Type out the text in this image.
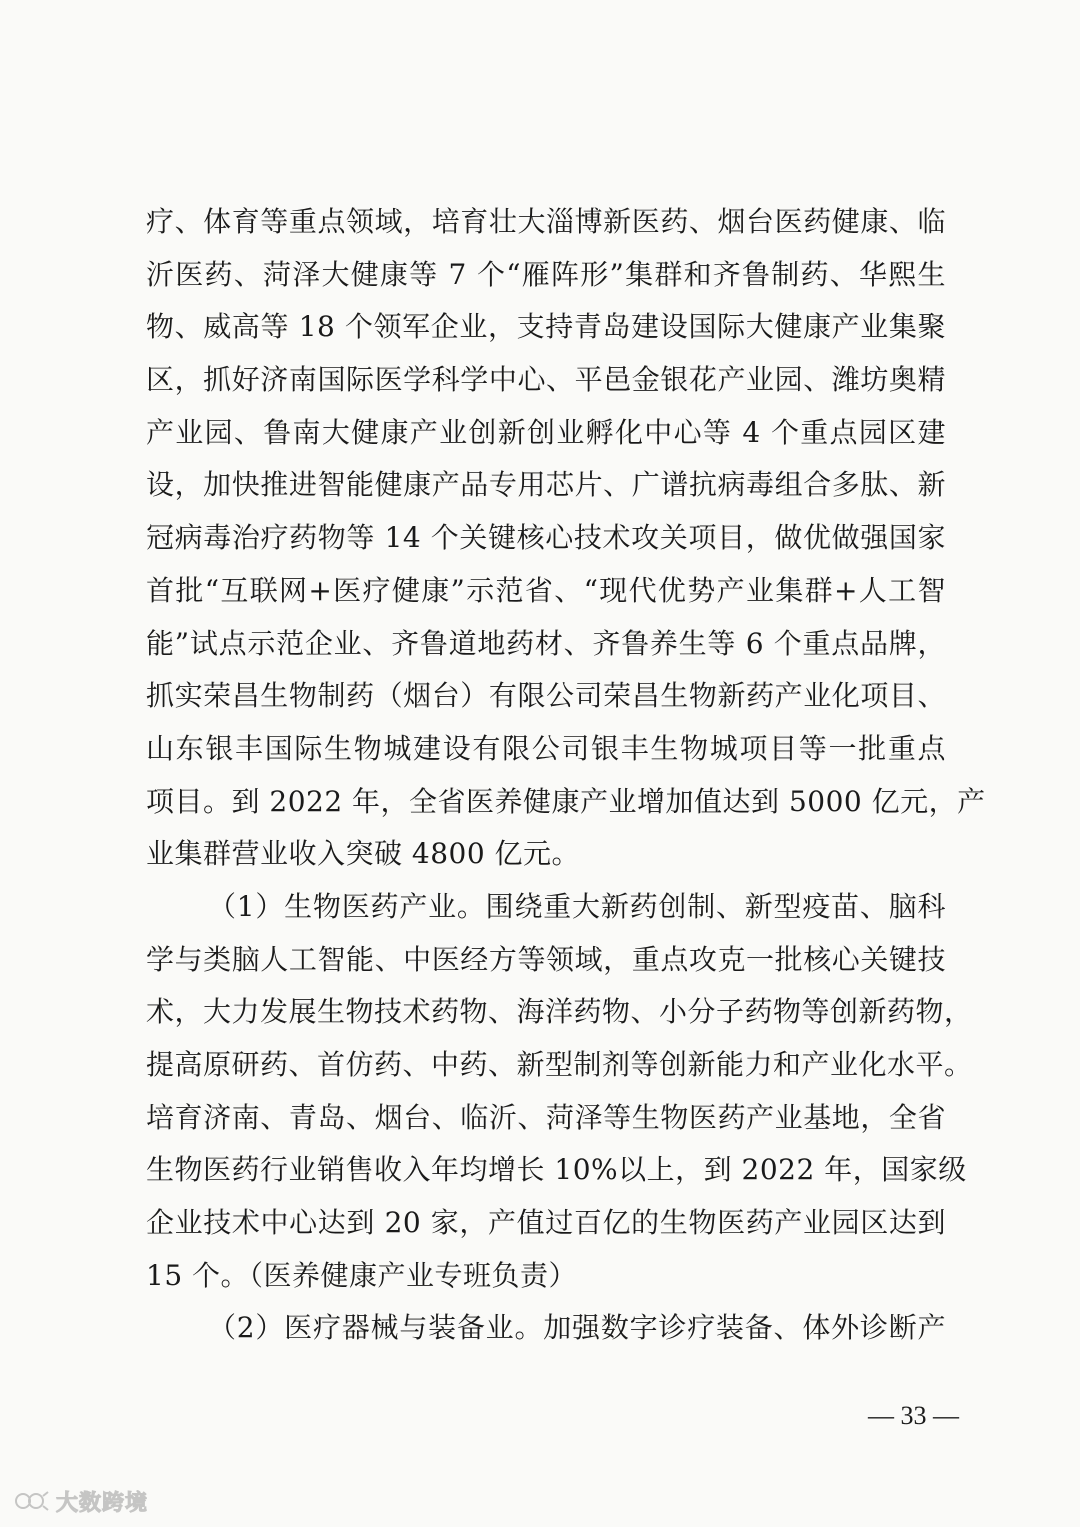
疗、体育等重点领域，培育壮大淄博新医药、烟台医药健康、临
沂医药、菏泽大健康等 7 个“雁阵形”集群和齐鲁制药、华熙生
物、威高等 18 个领军企业，支持青岛建设国际大健康产业集聚
区，抓好济南国际医学科学中心、平邑金银花产业园、潍坊奥精
产业园、鲁南大健康产业创新创业孵化中心等 4 个重点园区建
设，加快推进智能健康产品专用芯片、广谱抗病毒组合多肽、新
冠病毒治疗药物等 14 个关键核心技术攻关项目，做优做强国家
首批“互联网+医疗健康”示范省、“现代优势产业集群+人工智
能”试点示范企业、齐鲁道地药材、齐鲁养生等 6 个重点品牌，
抓实荣昌生物制药（烟台）有限公司荣昌生物新药产业化项目、
山东银丰国际生物城建设有限公司银丰生物城项目等一批重点
项目。到 2022 年，全省医养健康产业增加值达到 5000 亿元，产
业集群营业收入突破 4800 亿元。
（1）生物医药产业。围绕重大新药创制、新型疫苗、脑科
学与类脑人工智能、中医经方等领域，重点攻克一批核心关键技
术，大力发展生物技术药物、海洋药物、小分子药物等创新药物，
提高原研药、首仿药、中药、新型制剂等创新能力和产业化水平。
培育济南、青岛、烟台、临沂、菏泽等生物医药产业基地，全省
生物医药行业销售收入年均增长 10%以上，到 2022 年，国家级
企业技术中心达到 20 家，产值过百亿的生物医药产业园区达到
15 个。（医养健康产业专班负责）
（2）医疗器械与装备业。加强数字诊疗装备、体外诊断产
— 33 —
大数跨境
